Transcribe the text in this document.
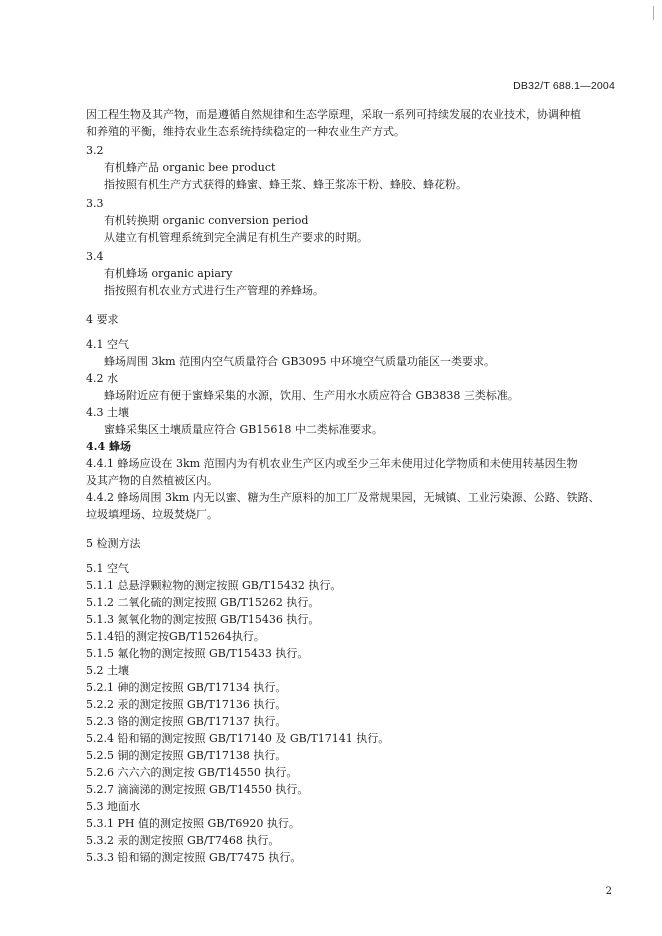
DB32/T 688.1—2004
因工程生物及其产物，而是遵循自然规律和生态学原理，采取一系列可持续发展的农业技术，协调种植
和养殖的平衡，维持农业生态系统持续稳定的一种农业生产方式。
3.2
有机蜂产品 organic bee product
指按照有机生产方式获得的蜂蜜、蜂王浆、蜂王浆冻干粉、蜂胶、蜂花粉。
3.3
有机转换期 organic conversion period
从建立有机管理系统到完全满足有机生产要求的时期。
3.4
有机蜂场 organic apiary
指按照有机农业方式进行生产管理的养蜂场。
4 要求
4.1 空气
蜂场周围 3km 范围内空气质量符合 GB3095 中环境空气质量功能区一类要求。
4.2 水
蜂场附近应有便于蜜蜂采集的水源，饮用、生产用水水质应符合 GB3838 三类标准。
4.3 土壤
蜜蜂采集区土壤质量应符合 GB15618 中二类标准要求。
4.4 蜂场
4.4.1 蜂场应设在 3km 范围内为有机农业生产区内或至少三年未使用过化学物质和未使用转基因生物
及其产物的自然植被区内。
4.4.2 蜂场周围 3km 内无以蜜、糖为生产原料的加工厂及常规果园，无城镇、工业污染源、公路、铁路、
垃圾填埋场、垃圾焚烧厂。
5 检测方法
5.1 空气
5.1.1 总悬浮颗粒物的测定按照 GB/T15432 执行。
5.1.2 二氧化硫的测定按照 GB/T15262 执行。
5.1.3 氮氧化物的测定按照 GB/T15436 执行。
5.1.4铅的测定按GB/T15264执行。
5.1.5 氟化物的测定按照 GB/T15433 执行。
5.2 土壤
5.2.1 砷的测定按照 GB/T17134 执行。
5.2.2 汞的测定按照 GB/T17136 执行。
5.2.3 铬的测定按照 GB/T17137 执行。
5.2.4 铅和镉的测定按照 GB/T17140 及 GB/T17141 执行。
5.2.5 铜的测定按照 GB/T17138 执行。
5.2.6 六六六的测定按 GB/T14550 执行。
5.2.7 滴滴涕的测定按照 GB/T14550 执行。
5.3 地面水
5.3.1 PH 值的测定按照 GB/T6920 执行。
5.3.2 汞的测定按照 GB/T7468 执行。
5.3.3 铅和镉的测定按照 GB/T7475 执行。
2
